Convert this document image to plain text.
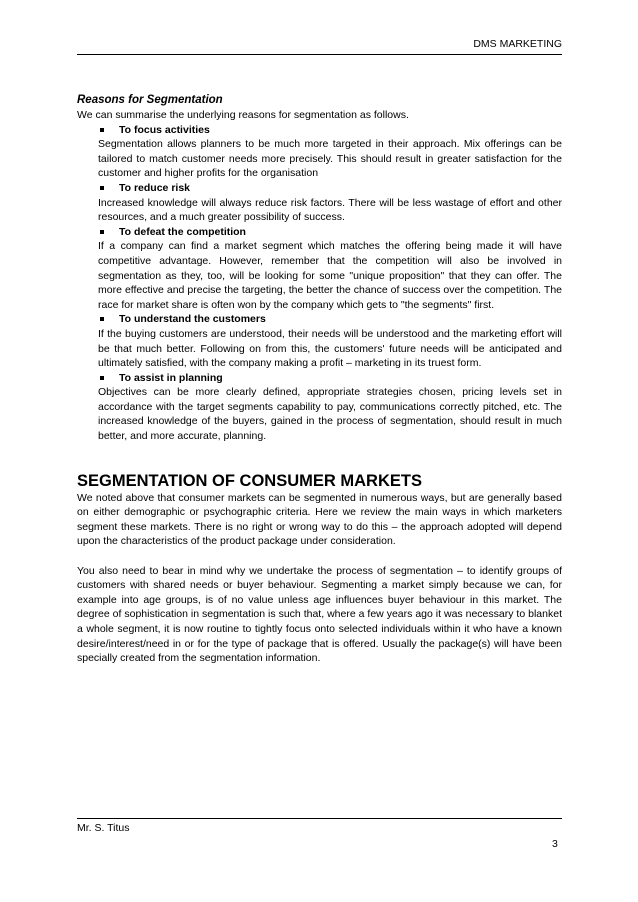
DMS MARKETING

Reasons for Segmentation

We can summarise the underlying reasons for segmentation as follows.

To focus activities
Segmentation allows planners to be much more targeted in their approach. Mix offerings can be tailored to match customer needs more precisely. This should result in greater satisfaction for the customer and higher profits for the organisation
To reduce risk
Increased knowledge will always reduce risk factors. There will be less wastage of effort and other resources, and a much greater possibility of success.
To defeat the competition
If a company can find a market segment which matches the offering being made it will have competitive advantage. However, remember that the competition will also be involved in segmentation as they, too, will be looking for some "unique proposition" that they can offer. The more effective and precise the targeting, the better the chance of success over the competition. The race for market share is often won by the company which gets to "the segments" first.
To understand the customers
If the buying customers are understood, their needs will be understood and the marketing effort will be that much better. Following on from this, the customers' future needs will be anticipated and ultimately satisfied, with the company making a profit – marketing in its truest form.
To assist in planning
Objectives can be more clearly defined, appropriate strategies chosen, pricing levels set in accordance with the target segments capability to pay, communications correctly pitched, etc. The increased knowledge of the buyers, gained in the process of segmentation, should result in much better, and more accurate, planning.
SEGMENTATION OF CONSUMER MARKETS

We noted above that consumer markets can be segmented in numerous ways, but are generally based on either demographic or psychographic criteria. Here we review the main ways in which marketers segment these markets. There is no right or wrong way to do this – the approach adopted will depend upon the characteristics of the product package under consideration.

You also need to bear in mind why we undertake the process of segmentation – to identify groups of customers with shared needs or buyer behaviour. Segmenting a market simply because we can, for example into age groups, is of no value unless age influences buyer behaviour in this market. The degree of sophistication in segmentation is such that, where a few years ago it was necessary to blanket a whole segment, it is now routine to tightly focus onto selected individuals within it who have a known desire/interest/need in or for the type of package that is offered. Usually the package(s) will have been specially created from the segmentation information.

Mr. S. Titus
3
